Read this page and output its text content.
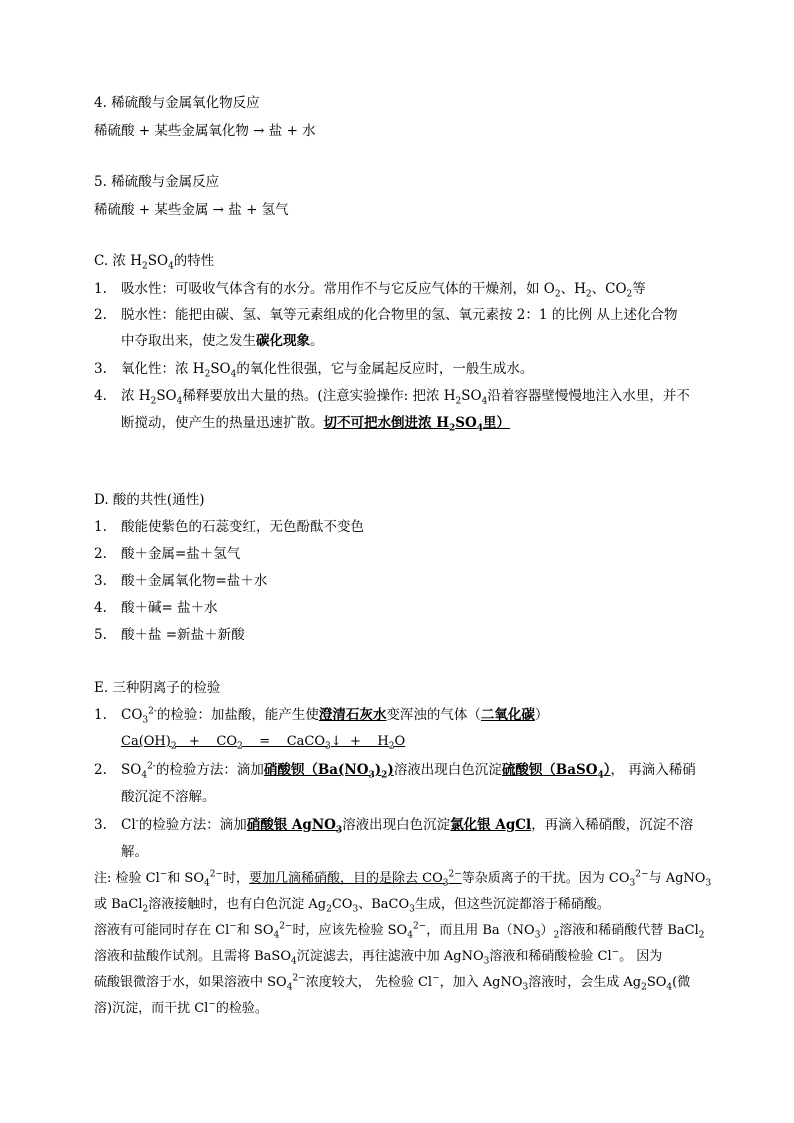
4. 稀硫酸与金属氧化物反应
稀硫酸 + 某些金属氧化物 → 盐 + 水
5. 稀硫酸与金属反应
稀硫酸 + 某些金属 → 盐 + 氢气
C. 浓 $H_2SO_4$的特性
1. 吸水性：可吸收气体含有的水分。常用作不与它反应气体的干燥剂，如 $O_2$、$H_2$、$CO_2$等
2. 脱水性：能把由碳、氢、氧等元素组成的化合物里的氢、氧元素按 2：1 的比例 从上述化合物
中夺取出来，使之发生碳化现象。
3. 氧化性：浓 $H_2SO_4$的氧化性很强，它与金属起反应时，一般生成水。
4. 浓 $H_2SO_4$稀释要放出大量的热。(注意实验操作: 把浓 $H_2SO_4$沿着容器壁慢慢地注入水里，并不
断搅动，使产生的热量迅速扩散。切不可把水倒进浓 $H_2SO_4$里）
D. 酸的共性(通性)
1. 酸能使紫色的石蕊变红，无色酚酞不变色
2. 酸＋金属=盐＋氢气
3. 酸＋金属氧化物=盐＋水
4. 酸＋碱= 盐＋水
5. 酸＋盐 =新盐＋新酸
E. 三种阴离子的检验
1. $CO_3^{2-}$的检验：加盐酸，能产生使澄清石灰水变浑浊的气体（二氧化碳）
$Ca(OH)_2 + CO_2$ = CaCO$_3$↓ + $H_2O$
2. $SO_4^{2-}$的检验方法：滴加硝酸钡$(Ba(NO_3)_2)$溶液出现白色沉淀硫酸钡（BaSO$_4$）， 再滴入稀硝
酸沉淀不溶解。
3. Cl-的检验方法：滴加硝酸银 AgNO$_3$溶液出现白色沉淀氯化银 AgCl，再滴入稀硝酸，沉淀不溶
解。
注: 检验 Cl−和 $SO_4^{2-}$时，要加几滴稀硝酸，目的是除去 $CO_3^{2-}$等杂质离子的干扰。因为 $CO_3^{2-}$与 AgNO$_3$
或 BaCl$_2$溶液接触时，也有白色沉淀 $Ag_2CO_3$、BaCO$_3$生成，但这些沉淀都溶于稀硝酸。
溶液有可能同时存在 Cl−和 $SO_4^{2-}$时，应该先检验 $SO_4^{2-}$，而且用 $Ba(NO_3)_2$溶液和稀硝酸代替 BaCl$_2$
溶液和盐酸作试剂。且需将 BaSO$_4$沉淀滤去，再往滤液中加 AgNO$_3$溶液和稀硝酸检验 Cl−。 因为
硫酸银微溶于水，如果溶液中 $SO_4^{2-}$浓度较大， 先检验 Cl−，加入 AgNO$_3$溶液时，会生成 $Ag_2SO_4$(微
溶)沉淀，而干扰 Cl−的检验。
